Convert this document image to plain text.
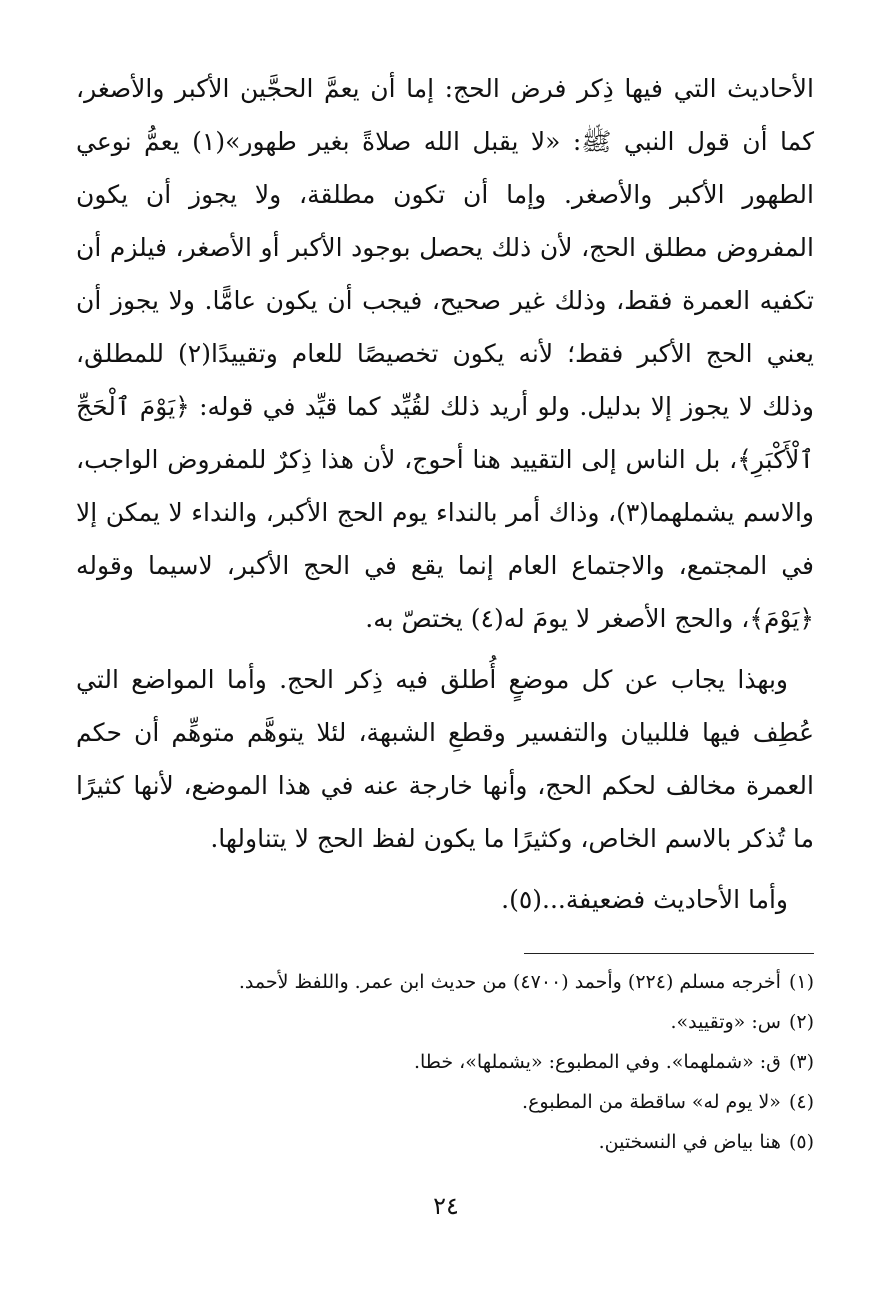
الأحاديث التي فيها ذِكر فرض الحج: إما أن يعمَّ الحجَّين الأكبر والأصغر، كما أن قول النبي ﷺ: «لا يقبل الله صلاةً بغير طهور»(١) يعمُّ نوعي الطهور الأكبر والأصغر. وإما أن تكون مطلقة، ولا يجوز أن يكون المفروض مطلق الحج، لأن ذلك يحصل بوجود الأكبر أو الأصغر، فيلزم أن تكفيه العمرة فقط، وذلك غير صحيح، فيجب أن يكون عامًّا. ولا يجوز أن يعني الحج الأكبر فقط؛ لأنه يكون تخصيصًا للعام وتقييدًا(٢) للمطلق، وذلك لا يجوز إلا بدليل. ولو أريد ذلك لقُيِّد كما قيِّد في قوله: ﴿يَوْمَ ٱلْحَجِّ ٱلْأَكْبَرِ﴾، بل الناس إلى التقييد هنا أحوج، لأن هذا ذِكرٌ للمفروض الواجب، والاسم يشملهما(٣)، وذاك أمر بالنداء يوم الحج الأكبر، والنداء لا يمكن إلا في المجتمع، والاجتماع العام إنما يقع في الحج الأكبر، لاسيما وقوله ﴿يَوْمَ﴾، والحج الأصغر لا يومَ له(٤) يختصّ به.

وبهذا يجاب عن كل موضعٍ أُطلق فيه ذِكر الحج. وأما المواضع التي عُطِف فيها فللبيان والتفسير وقطعِ الشبهة، لئلا يتوهَّم متوهِّم أن حكم العمرة مخالف لحكم الحج، وأنها خارجة عنه في هذا الموضع، لأنها كثيرًا ما تُذكر بالاسم الخاص، وكثيرًا ما يكون لفظ الحج لا يتناولها.

وأما الأحاديث فضعيفة...(٥).

(١)أخرجه مسلم (٢٢٤) وأحمد (٤٧٠٠) من حديث ابن عمر. واللفظ لأحمد.
(٢)س: «وتقييد».
(٣)ق: «شملهما». وفي المطبوع: «يشملها»، خطا.
(٤)«لا يوم له» ساقطة من المطبوع.
(٥)هنا بياض في النسختين.
٢٤
